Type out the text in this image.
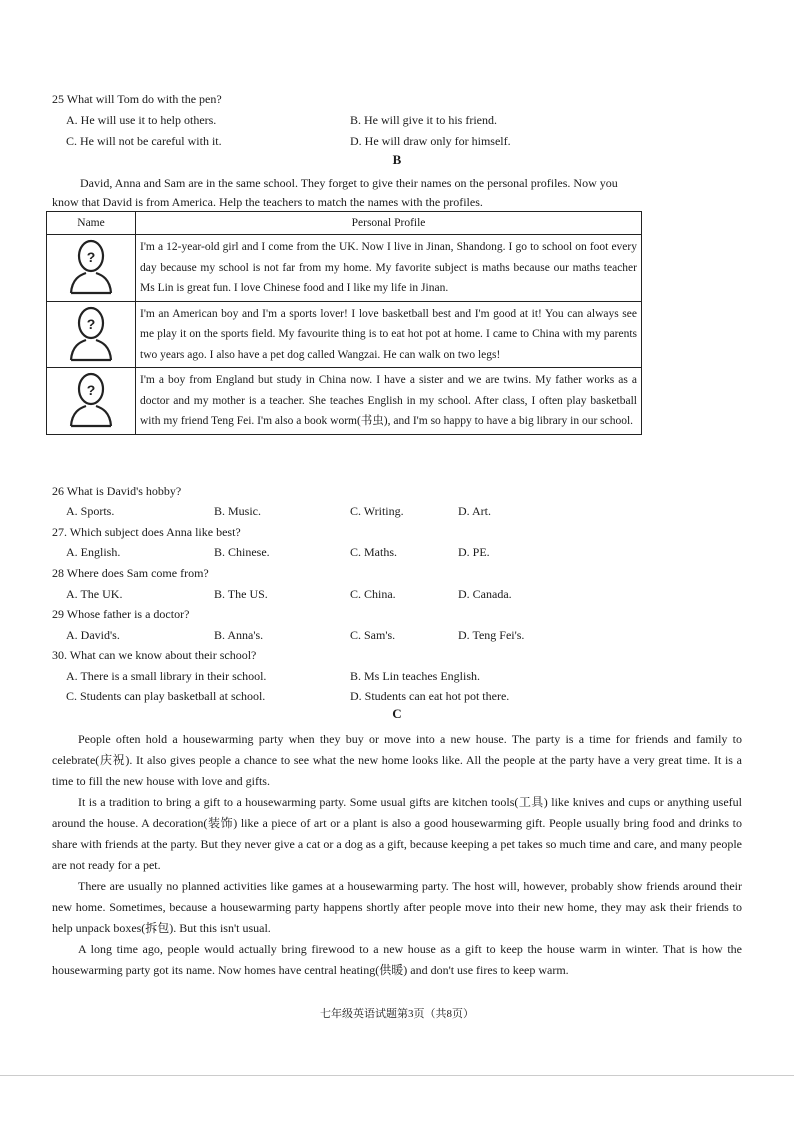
25 What will Tom do with the pen?
A. He will use it to help others.	B. He will give it to his friend.
C. He will not be careful with it.	D. He will draw only for himself.
B
David, Anna and Sam are in the same school. They forget to give their names on the personal profiles. Now you
know that David is from America. Help the teachers to match the names with the profiles.
Name	Personal Profile

?	I'm a 12-year-old girl and I come from the UK. Now I live in Jinan, Shandong. I go to school on foot every day because my school is not far from my home. My favorite subject is maths because our maths teacher Ms Lin is great fun. I love Chinese food and I like my life in Jinan.

?	I'm an American boy and I'm a sports lover! I love basketball best and I'm good at it! You can always see me play it on the sports field. My favourite thing is to eat hot pot at home. I came to China with my parents two years ago. I also have a pet dog called Wangzai. He can walk on two legs!

?	I'm a boy from England but study in China now. I have a sister and we are twins. My father works as a doctor and my mother is a teacher. She teaches English in my school. After class, I often play basketball with my friend Teng Fei. I'm also a book worm(书虫), and I'm so happy to have a big library in our school.
26 What is David's hobby?
A. Sports.	B. Music.	C. Writing.	D. Art.
27. Which subject does Anna like best?
A. English.	B. Chinese.	C. Maths.	D. PE.
28 Where does Sam come from?
A. The UK.	B. The US.	C. China.	D. Canada.
29 Whose father is a doctor?
A. David's.	B. Anna's.	C. Sam's.	D. Teng Fei's.
30. What can we know about their school?
A. There is a small library in their school.	B. Ms Lin teaches English.
C. Students can play basketball at school.	D. Students can eat hot pot there.
C

People often hold a housewarming party when they buy or move into a new house. The party is a time for friends and family to celebrate(庆祝). It also gives people a chance to see what the new home looks like. All the people at the party have a very great time. It is a time to fill the new house with love and gifts.

It is a tradition to bring a gift to a housewarming party. Some usual gifts are kitchen tools(工具) like knives and cups or anything useful around the house. A decoration(装饰) like a piece of art or a plant is also a good housewarming gift. People usually bring food and drinks to share with friends at the party. But they never give a cat or a dog as a gift, because keeping a pet takes so much time and care, and many people are not ready for a pet.

There are usually no planned activities like games at a housewarming party. The host will, however, probably show friends around their new home. Sometimes, because a housewarming party happens shortly after people move into their new home, they may ask their friends to help unpack boxes(拆包). But this isn't usual.

A long time ago, people would actually bring firewood to a new house as a gift to keep the house warm in winter. That is how the housewarming party got its name. Now homes have central heating(供暖) and don't use fires to keep warm.

七年级英语试题第3页（共8页）
